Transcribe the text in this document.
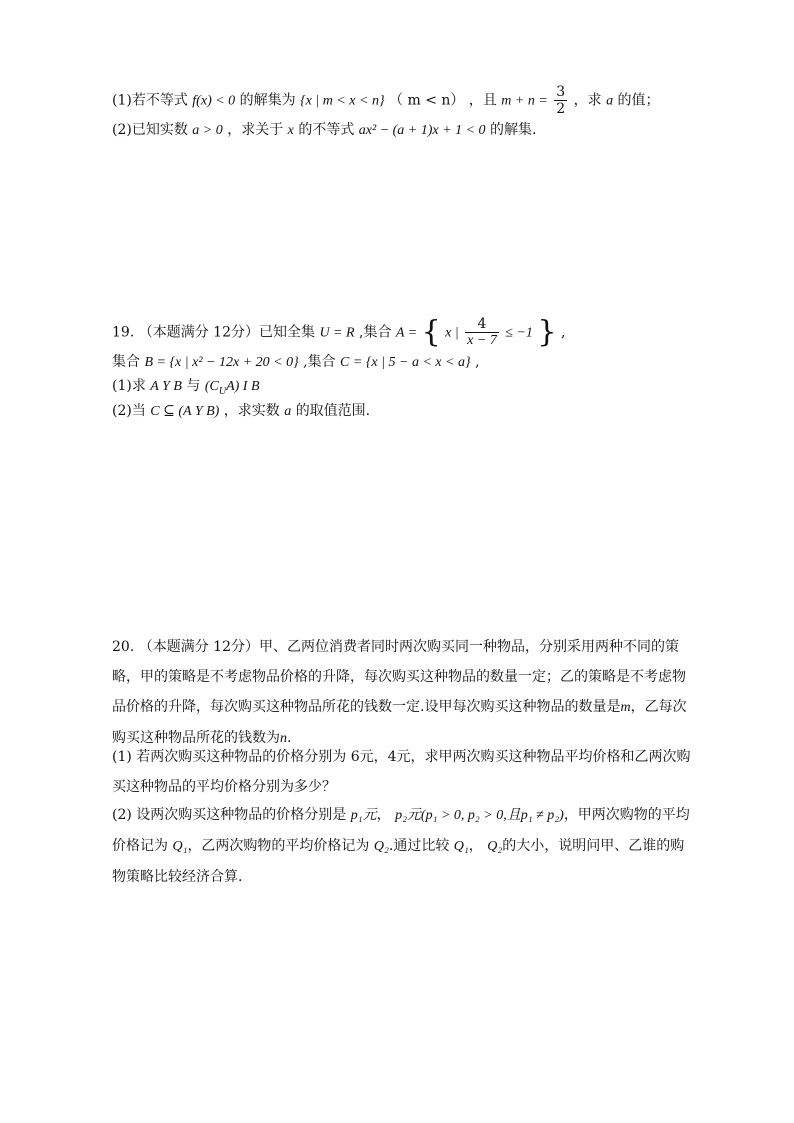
(1)若不等式 f(x) < 0 的解集为 {x | m < x < n} （ m < n） ，且 $m + n = \frac{3}{2}$ ，求 a 的值；
(2)已知实数 a > 0 ，求关于 x 的不等式 ax² − (a + 1)x + 1 < 0 的解集.
19. （本题满分 12分）已知全集 U = R ,集合 A = { x | $\frac{4}{x - 7} \le -1$ } ,
集合 B = {x | x² − 12x + 20 < 0} ,集合 C = {x | 5 − a < x < a} ,
(1)求 A Y B 与 $(C_UA)$ I B
(2)当 C ⊆ (A Y B) ，求实数 a 的取值范围.
20. （本题满分 12分）甲、乙两位消费者同时两次购买同一种物品，分别采用两种不同的策略，甲的策略是不考虑物品价格的升降，每次购买这种物品的数量一定；乙的策略是不考虑物品价格的升降，每次购买这种物品所花的钱数一定.设甲每次购买这种物品的数量是m，乙每次购买这种物品所花的钱数为n.
(1) 若两次购买这种物品的价格分别为 6元，4元，求甲两次购买这种物品平均价格和乙两次购买这种物品的平均价格分别为多少？
(2) 设两次购买这种物品的价格分别是 p₁元， p₂元(p₁ > 0, p₂ > 0,且p₁ ≠ p₂)，甲两次购物的平均价格记为 Q₁，乙两次购物的平均价格记为 Q₂.通过比较 Q₁， Q₂的大小，说明问甲、乙谁的购物策略比较经济合算.
